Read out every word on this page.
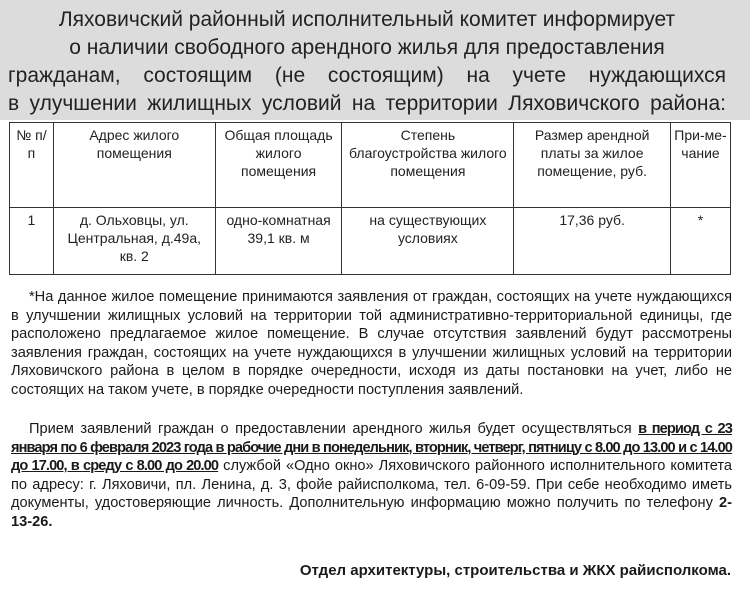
Ляховичский районный исполнительный комитет информирует
о наличии свободного арендного жилья для предоставления
гражданам, состоящим (не состоящим) на учете нуждающихся
в улучшении жилищных условий на территории Ляховичского района:
№ п/п	Адрес жилого помещения	Общая площадь жилого помещения	Степень благоустройства жилого помещения	Размер арендной платы за жилое помещение, руб.	При-ме-чание
1	д. Ольховцы, ул. Центральная, д.49а, кв. 2	одно-комнатная 39,1 кв. м	на существующих условиях	17,36 руб.	*

*На данное жилое помещение принимаются заявления от граждан, состоящих на учете нуждающихся в улучшении жилищных условий на территории той административно-территориальной единицы, где расположено предлагаемое жилое помещение. В случае отсутствия заявлений будут рассмотрены заявления граждан, состоящих на учете нуждающихся в улучшении жилищных условий на территории Ляховичского района в целом в порядке очередности, исходя из даты постановки на учет, либо не состоящих на таком учете, в порядке очередности поступления заявлений.

Прием заявлений граждан о предоставлении арендного жилья будет осуществляться в период с 23 января по 6 февраля 2023 года в рабочие дни в понедельник, вторник, четверг, пятницу с 8.00 до 13.00 и с 14.00 до 17.00, в среду с 8.00 до 20.00 службой «Одно окно» Ляховичского районного исполнительного комитета по адресу: г. Ляховичи, пл. Ленина, д. 3, фойе райисполкома, тел. 6-09-59. При себе необходимо иметь документы, удостоверяющие личность. Дополнительную информацию можно получить по телефону 2-13-26.

Отдел архитектуры, строительства и ЖКХ райисполкома.
